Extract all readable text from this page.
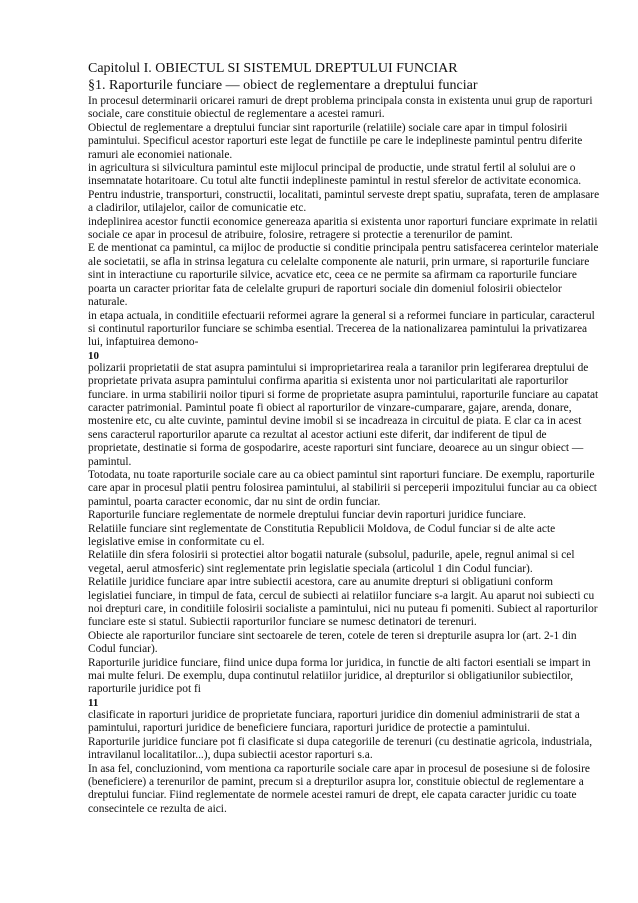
Capitolul I. OBIECTUL SI SISTEMUL DREPTULUI FUNCIAR

§1. Raporturile funciare — obiect de reglementare a dreptului funciar

In procesul determinarii oricarei ramuri de drept problema principala consta in existenta unui grup de raporturi sociale, care constituie obiectul de reglementare a acestei ramuri.

Obiectul de reglementare a dreptului funciar sint raporturile (relatiile) sociale care apar in timpul folosirii pamintului. Specificul acestor raporturi este legat de functiile pe care le indeplineste pamintul pentru diferite ramuri ale economiei nationale.

in agricultura si silvicultura pamintul este mijlocul principal de productie, unde stratul fertil al solului are o insemnatate hotaritoare. Cu totul alte functii indeplineste pamintul in restul sferelor de activitate economica. Pentru industrie, transporturi, constructii, localitati, pamintul serveste drept spatiu, suprafata, teren de amplasare a cladirilor, utilajelor, cailor de comunicatie etc.

indeplinirea acestor functii economice genereaza aparitia si existenta unor raporturi funciare exprimate in relatii sociale ce apar in procesul de atribuire, folosire, retragere si protectie a terenurilor de pamint.

E de mentionat ca pamintul, ca mijloc de productie si conditie principala pentru satisfacerea cerintelor materiale ale societatii, se afla in strinsa legatura cu celelalte componente ale naturii, prin urmare, si raporturile funciare sint in interactiune cu raporturile silvice, acvatice etc, ceea ce ne permite sa afirmam ca raporturile funciare poarta un caracter prioritar fata de celelalte grupuri de raporturi sociale din domeniul folosirii obiectelor naturale.

in etapa actuala, in conditiile efectuarii reformei agrare la general si a reformei funciare in particular, caracterul si continutul raporturilor funciare se schimba esential. Trecerea de la nationalizarea pamintului la privatizarea lui, infaptuirea demono-

10

polizarii proprietatii de stat asupra pamintului si improprietarirea reala a taranilor prin legiferarea dreptului de proprietate privata asupra pamintului confirma aparitia si existenta unor noi particularitati ale raporturilor funciare. in urma stabilirii noilor tipuri si forme de proprietate asupra pamintului, raporturile funciare au capatat caracter patrimonial. Pamintul poate fi obiect al raporturilor de vinzare-cumparare, gajare, arenda, donare, mostenire etc, cu alte cuvinte, pamintul devine imobil si se incadreaza in circuitul de piata. E clar ca in acest sens caracterul raporturilor aparute ca rezultat al acestor actiuni este diferit, dar indiferent de tipul de proprietate, destinatie si forma de gospodarire, aceste raporturi sint funciare, deoarece au un singur obiect — pamintul.

Totodata, nu toate raporturile sociale care au ca obiect pamintul sint raporturi funciare. De exemplu, raporturile care apar in procesul platii pentru folosirea pamintului, al stabilirii si perceperii impozitului funciar au ca obiect pamintul, poarta caracter economic, dar nu sint de ordin funciar.

Raporturile funciare reglementate de normele dreptului funciar devin raporturi juridice funciare.

Relatiile funciare sint reglementate de Constitutia Republicii Moldova, de Codul funciar si de alte acte legislative emise in conformitate cu el.

Relatiile din sfera folosirii si protectiei altor bogatii naturale (subsolul, padurile, apele, regnul animal si cel vegetal, aerul atmosferic) sint reglementate prin legislatie speciala (articolul 1 din Codul funciar).

Relatiile juridice funciare apar intre subiectii acestora, care au anumite drepturi si obligatiuni conform legislatiei funciare, in timpul de fata, cercul de subiecti ai relatiilor funciare s-a largit. Au aparut noi subiecti cu noi drepturi care, in conditiile folosirii socialiste a pamintului, nici nu puteau fi pomeniti. Subiect al raporturilor funciare este si statul. Subiectii raporturilor funciare se numesc detinatori de terenuri.

Obiecte ale raporturilor funciare sint sectoarele de teren, cotele de teren si drepturile asupra lor (art. 2-1 din Codul funciar).

Raporturile juridice funciare, fiind unice dupa forma lor juridica, in functie de alti factori esentiali se impart in mai multe feluri. De exemplu, dupa continutul relatiilor juridice, al drepturilor si obligatiunilor subiectilor, raporturile juridice pot fi

11

clasificate in raporturi juridice de proprietate funciara, raporturi juridice din domeniul administrarii de stat a pamintului, raporturi juridice de beneficiere funciara, raporturi juridice de protectie a pamintului.

Raporturile juridice funciare pot fi clasificate si dupa categoriile de terenuri (cu destinatie agricola, industriala, intravilanul localitatilor...), dupa subiectii acestor raporturi s.a.

In asa fel, concluzionind, vom mentiona ca raporturile sociale care apar in procesul de posesiune si de folosire (beneficiere) a terenurilor de pamint, precum si a drepturilor asupra lor, constituie obiectul de reglementare a dreptului funciar. Fiind reglementate de normele acestei ramuri de drept, ele capata caracter juridic cu toate consecintele ce rezulta de aici.
